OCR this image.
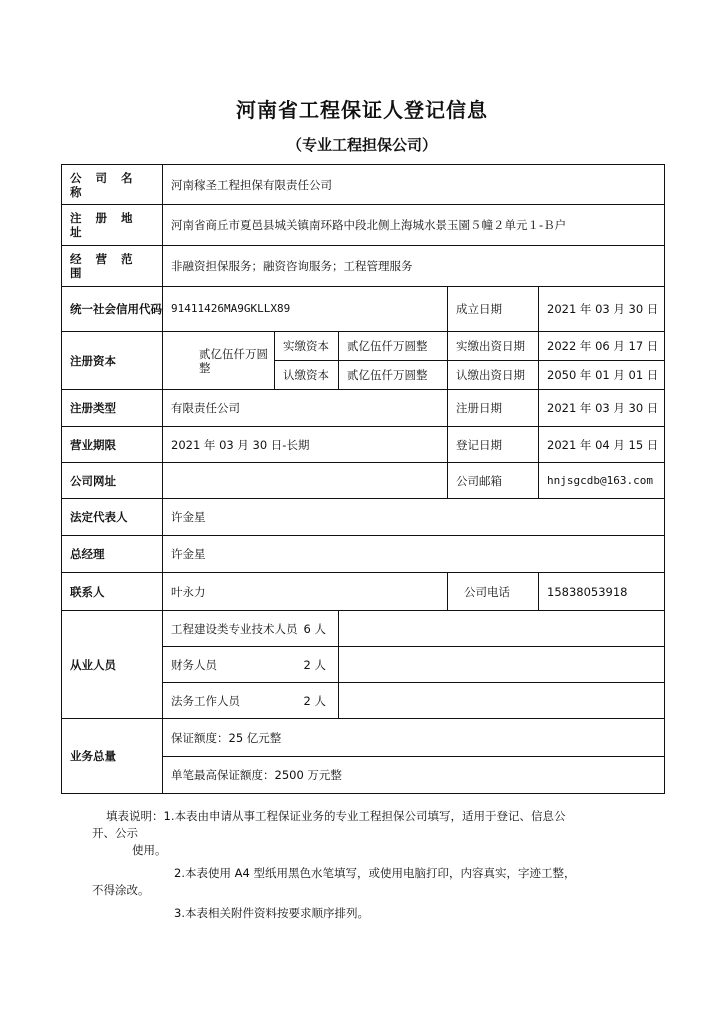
河南省工程保证人登记信息
（专业工程担保公司）
公 司 名 称	河南稼圣工程担保有限责任公司				
注 册 地 址	河南省商丘市夏邑县城关镇南环路中段北侧上海城水景玉園５幢２单元１-Ｂ户				
经 营 范 围	非融资担保服务；融资咨询服务；工程管理服务				
统一社会信用代码	91411426MA9GKLLX89			成立日期	2021 年 03 月 30 日
注册资本	贰亿伍仟万圆整	实缴资本	贰亿伍仟万圆整	实缴出资日期	2022 年 06 月 17 日
		认缴资本	贰亿伍仟万圆整	认缴出资日期	2050 年 01 月 01 日
注册类型	有限责任公司			注册日期	2021 年 03 月 30 日
营业期限	2021 年 03 月 30 日-长期			登记日期	2021 年 04 月 15 日
公司网址				公司邮箱	hnjsgcdb@163.com
法定代表人	许金星				
总经理	许金星				
联系人	叶永力			公司电话	15838053918
从业人员	工程建设类专业技术人员 6 人				

	财务人员 2 人				

	法务工作人员 2 人				

业务总量	保证额度：25 亿元整				
	单笔最高保证额度：2500 万元整				

填表说明：1.本表由申请从事工程保证业务的专业工程担保公司填写，适用于登记、信息公

开、公示

使用。

2.本表使用 A4 型纸用黑色水笔填写，或使用电脑打印，内容真实，字迹工整，

不得涂改。

3.本表相关附件资料按要求顺序排列。
